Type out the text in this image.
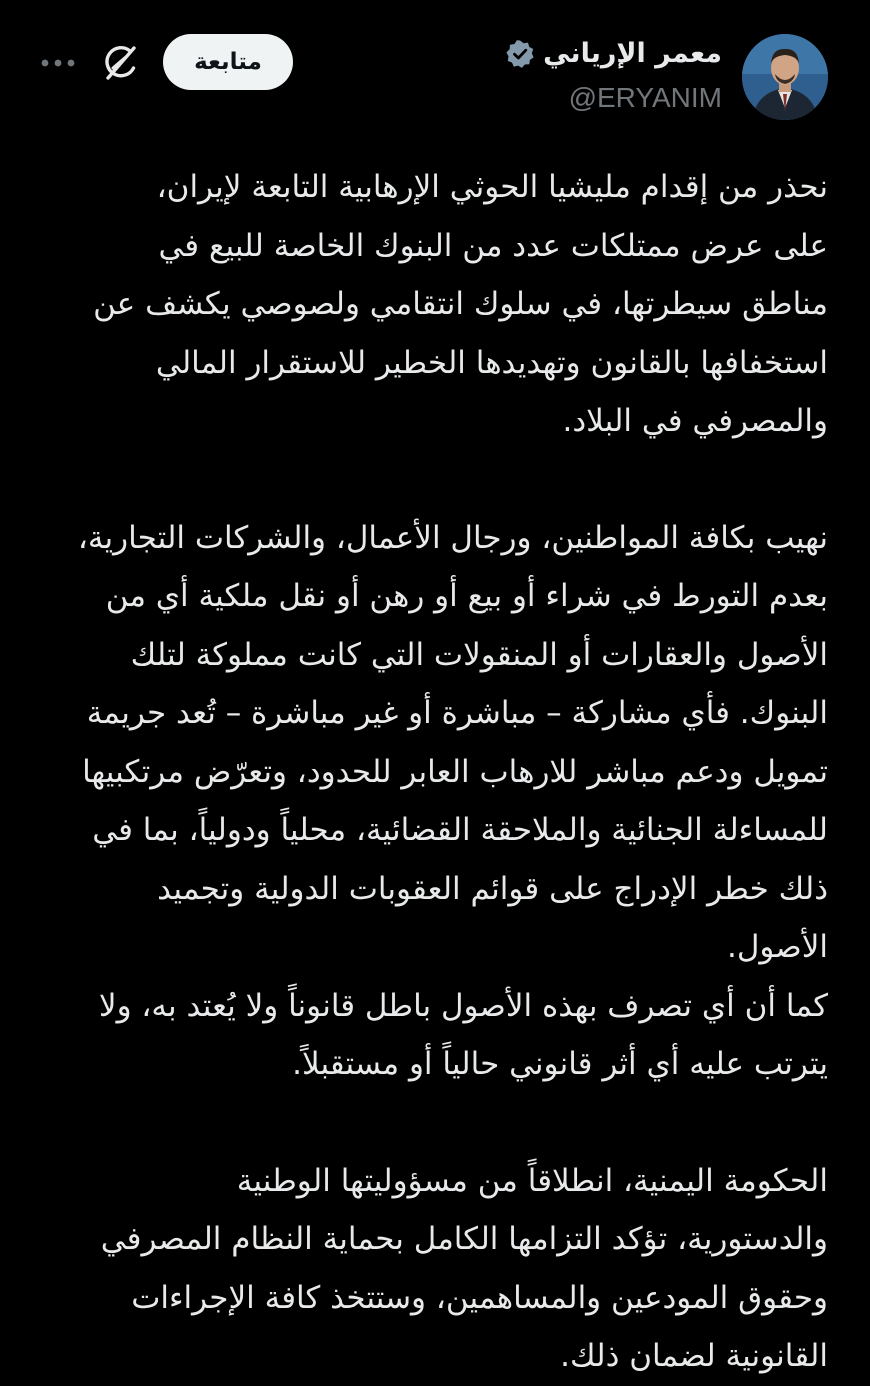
معمر الإرياني
@ERYANIM
متابعة

نحذر من إقدام مليشيا الحوثي الإرهابية التابعة لإيران،
على عرض ممتلكات عدد من البنوك الخاصة للبيع في
مناطق سيطرتها، في سلوك انتقامي ولصوصي يكشف عن
استخفافها بالقانون وتهديدها الخطير للاستقرار المالي
والمصرفي في البلاد.

نهيب بكافة المواطنين، ورجال الأعمال، والشركات التجارية،
بعدم التورط في شراء أو بيع أو رهن أو نقل ملكية أي من
الأصول والعقارات أو المنقولات التي كانت مملوكة لتلك
البنوك. فأي مشاركة – مباشرة أو غير مباشرة – تُعد جريمة
تمويل ودعم مباشر للارهاب العابر للحدود، وتعرّض مرتكبيها
للمساءلة الجنائية والملاحقة القضائية، محلياً ودولياً، بما في
ذلك خطر الإدراج على قوائم العقوبات الدولية وتجميد
الأصول.
كما أن أي تصرف بهذه الأصول باطل قانوناً ولا يُعتد به، ولا
يترتب عليه أي أثر قانوني حالياً أو مستقبلاً.

الحكومة اليمنية، انطلاقاً من مسؤوليتها الوطنية
والدستورية، تؤكد التزامها الكامل بحماية النظام المصرفي
وحقوق المودعين والمساهمين، وستتخذ كافة الإجراءات
القانونية لضمان ذلك.
